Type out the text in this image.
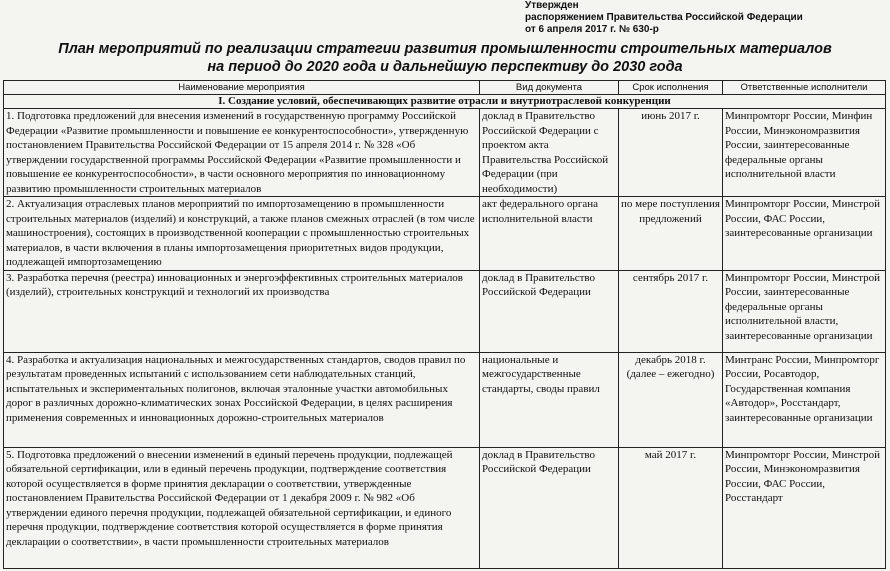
Утвержден
распоряжением Правительства Российской Федерации
от 6 апреля 2017 г. № 630-р
План мероприятий по реализации стратегии развития промышленности строительных материалов
на период до 2020 года и дальнейшую перспективу до 2030 года
Наименование мероприятия	Вид документа	Срок исполнения	Ответственные исполнители
I. Создание условий, обеспечивающих развитие отрасли и внутриотраслевой конкуренции			
1. Подготовка предложений для внесения изменений в государственную программу Российской Федерации «Развитие промышленности и повышение ее конкурентоспособности», утвержденную постановлением Правительства Российской Федерации от 15 апреля 2014 г. № 328 «Об утверждении государственной программы Российской Федерации «Развитие промышленности и повышение ее конкурентоспособности», в части основного мероприятия по инновационному развитию промышленности строительных материалов	доклад в Правительство Российской Федерации с проектом акта Правительства Российской Федерации (при необходимости)	июнь 2017 г.	Минпромторг России, Минфин России, Минэкономразвития России, заинтересованные федеральные органы исполнительной власти
2. Актуализация отраслевых планов мероприятий по импортозамещению в промышленности строительных материалов (изделий) и конструкций, а также планов смежных отраслей (в том числе машиностроения), состоящих в производственной кооперации с промышленностью строительных материалов, в части включения в планы импортозамещения приоритетных видов продукции, подлежащей импортозамещению	акт федерального органа исполнительной власти	по мере поступления предложений	Минпромторг России, Минстрой России, ФАС России, заинтересованные организации
3. Разработка перечня (реестра) инновационных и энергоэффективных строительных материалов (изделий), строительных конструкций и технологий их производства	доклад в Правительство Российской Федерации	сентябрь 2017 г.	Минпромторг России, Минстрой России, заинтересованные федеральные органы исполнительной власти, заинтересованные организации
4. Разработка и актуализация национальных и межгосударственных стандартов, сводов правил по результатам проведенных испытаний с использованием сети наблюдательных станций, испытательных и экспериментальных полигонов, включая эталонные участки автомобильных дорог в различных дорожно-климатических зонах Российской Федерации, в целях расширения применения современных и инновационных дорожно-строительных материалов	национальные и межгосударственные стандарты, своды правил	декабрь 2018 г. (далее – ежегодно)	Минтранс России, Минпромторг России, Росавтодор, Государственная компания «Автодор», Росстандарт, заинтересованные организации
5. Подготовка предложений о внесении изменений в единый перечень продукции, подлежащей обязательной сертификации, или в единый перечень продукции, подтверждение соответствия которой осуществляется в форме принятия декларации о соответствии, утвержденные постановлением Правительства Российской Федерации от 1 декабря 2009 г. № 982 «Об утверждении единого перечня продукции, подлежащей обязательной сертификации, и единого перечня продукции, подтверждение соответствия которой осуществляется в форме принятия декларации о соответствии», в части промышленности строительных материалов	доклад в Правительство Российской Федерации	май 2017 г.	Минпромторг России, Минстрой России, Минэкономразвития России, ФАС России, Росстандарт
